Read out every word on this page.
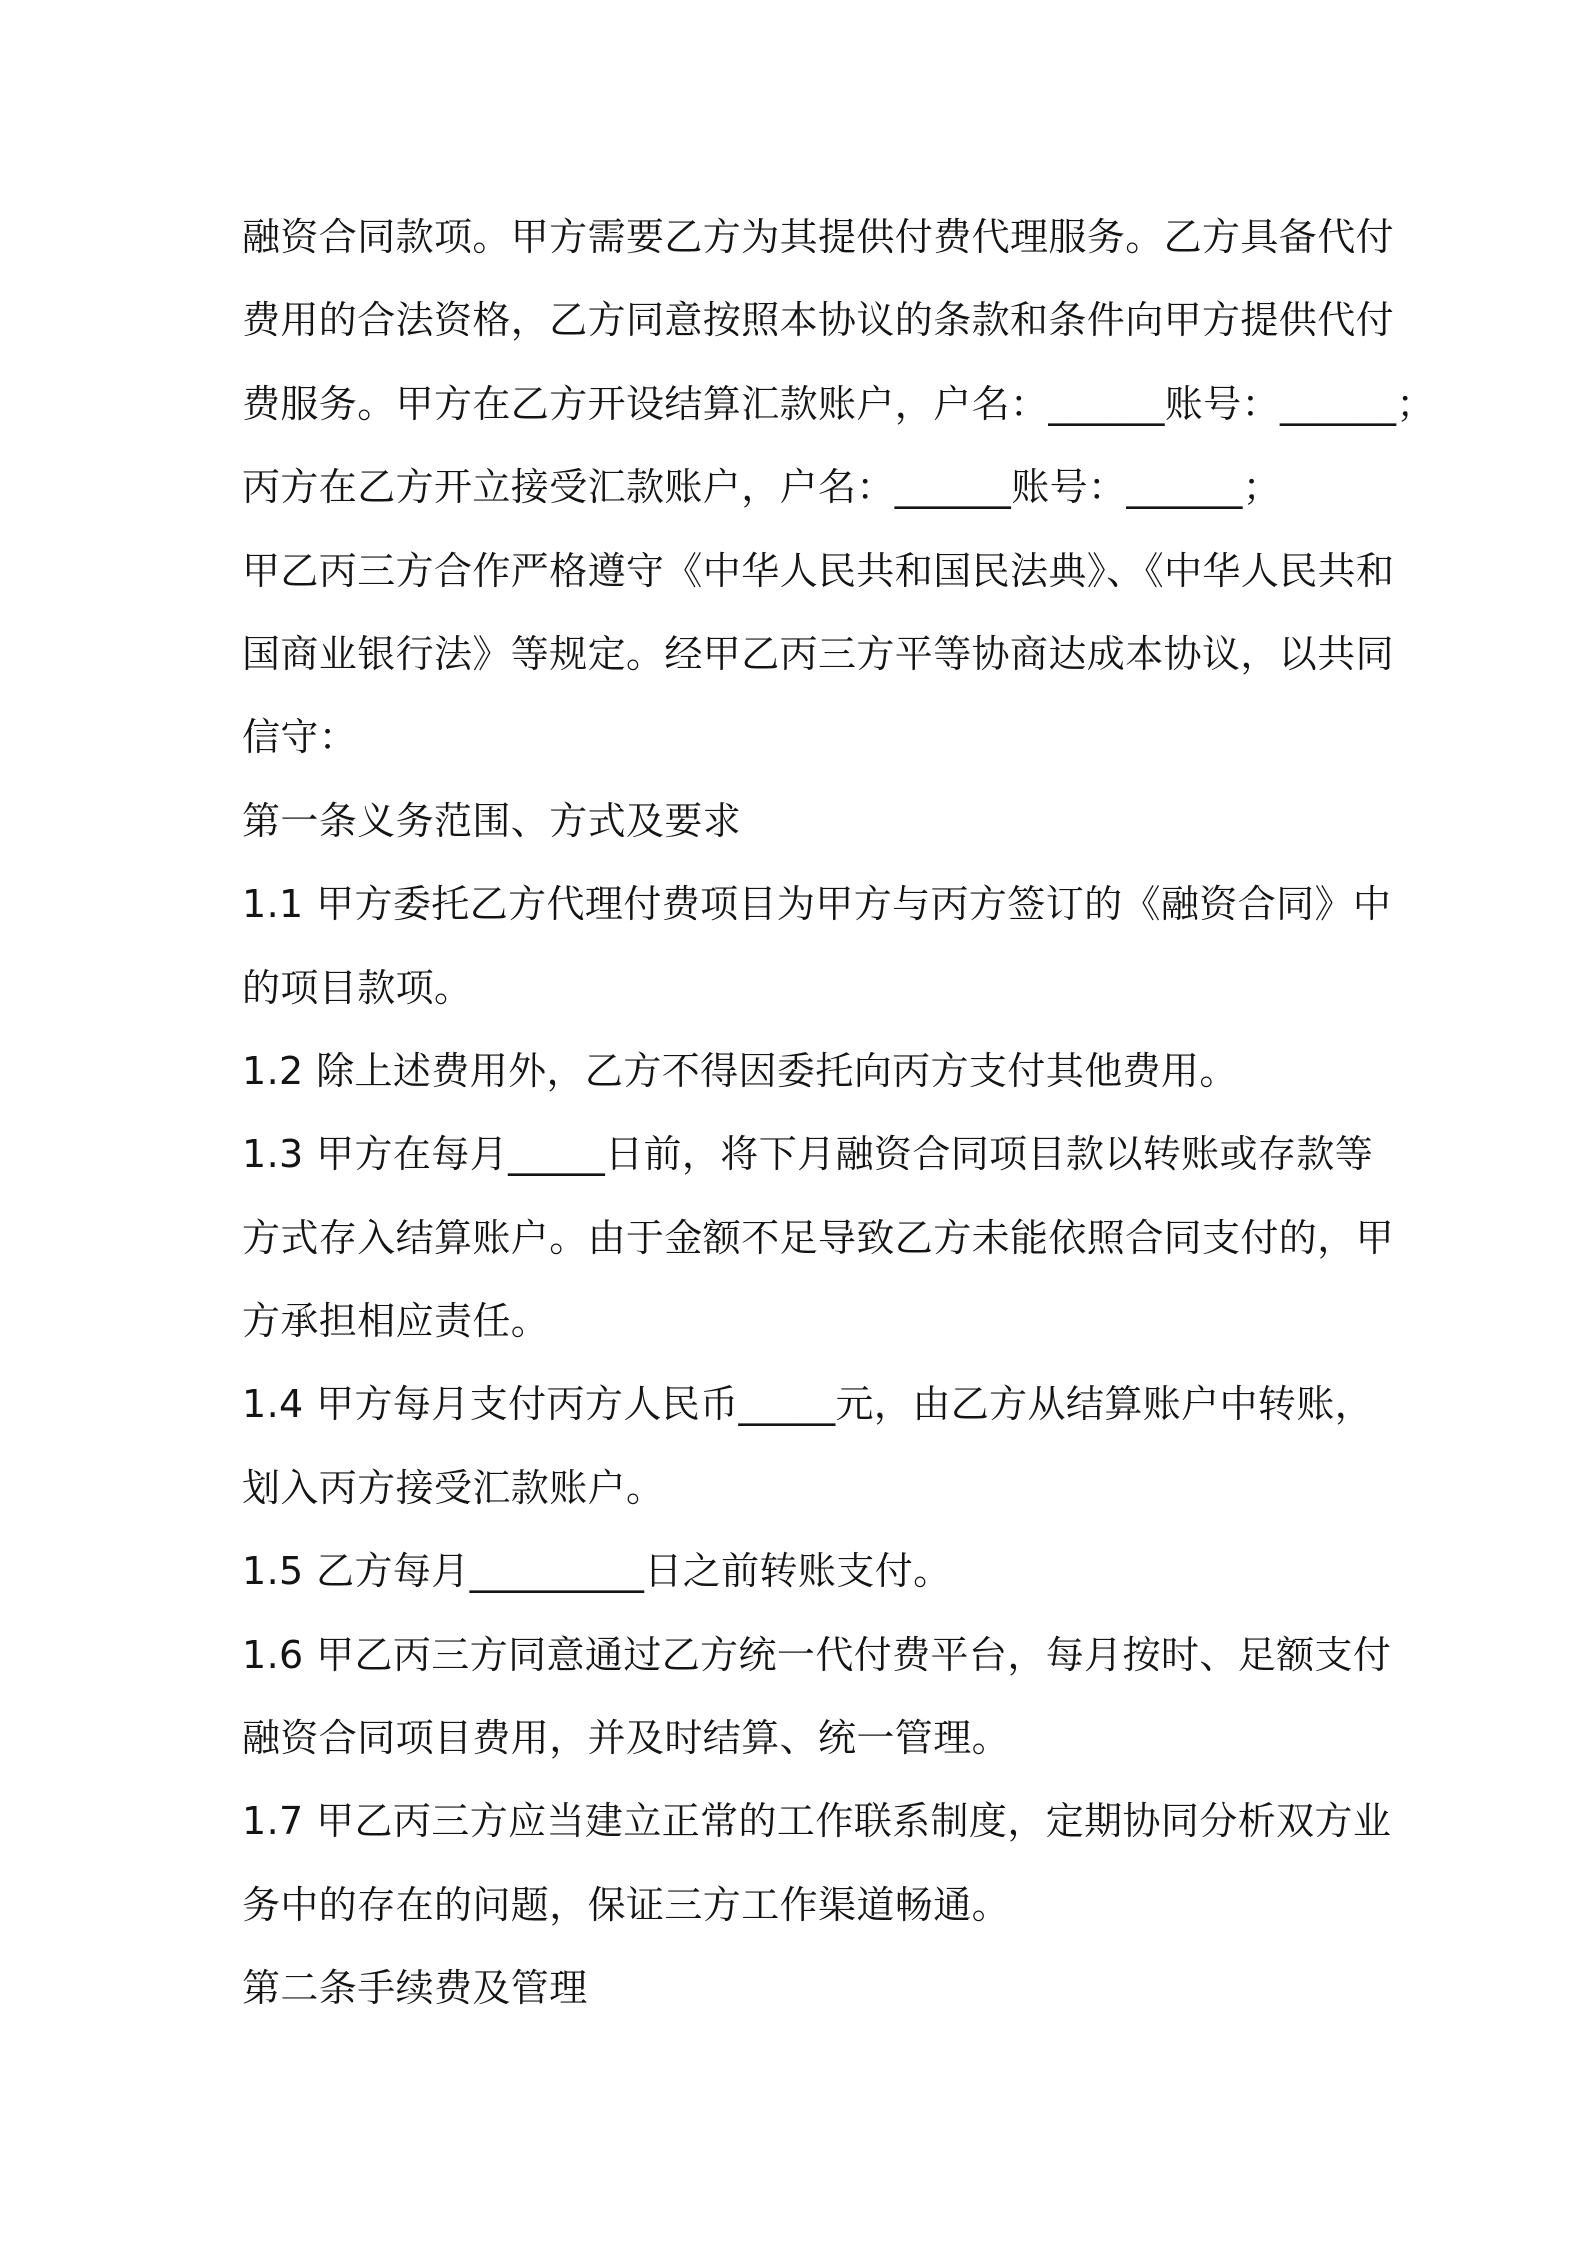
融资合同款项。甲方需要乙方为其提供付费代理服务。乙方具备代付
费用的合法资格，乙方同意按照本协议的条款和条件向甲方提供代付
费服务。甲方在乙方开设结算汇款账户，户名：______账号：______；
丙方在乙方开立接受汇款账户，户名：______账号：______；
甲乙丙三方合作严格遵守《中华人民共和国民法典》、《中华人民共和
国商业银行法》等规定。经甲乙丙三方平等协商达成本协议，以共同
信守：
第一条义务范围、方式及要求
1.1 甲方委托乙方代理付费项目为甲方与丙方签订的《融资合同》中
的项目款项。
1.2 除上述费用外，乙方不得因委托向丙方支付其他费用。
1.3 甲方在每月_____日前，将下月融资合同项目款以转账或存款等
方式存入结算账户。由于金额不足导致乙方未能依照合同支付的，甲
方承担相应责任。
1.4 甲方每月支付丙方人民币_____元，由乙方从结算账户中转账，
划入丙方接受汇款账户。
1.5 乙方每月_________日之前转账支付。
1.6 甲乙丙三方同意通过乙方统一代付费平台，每月按时、足额支付
融资合同项目费用，并及时结算、统一管理。
1.7 甲乙丙三方应当建立正常的工作联系制度，定期协同分析双方业
务中的存在的问题，保证三方工作渠道畅通。
第二条手续费及管理
